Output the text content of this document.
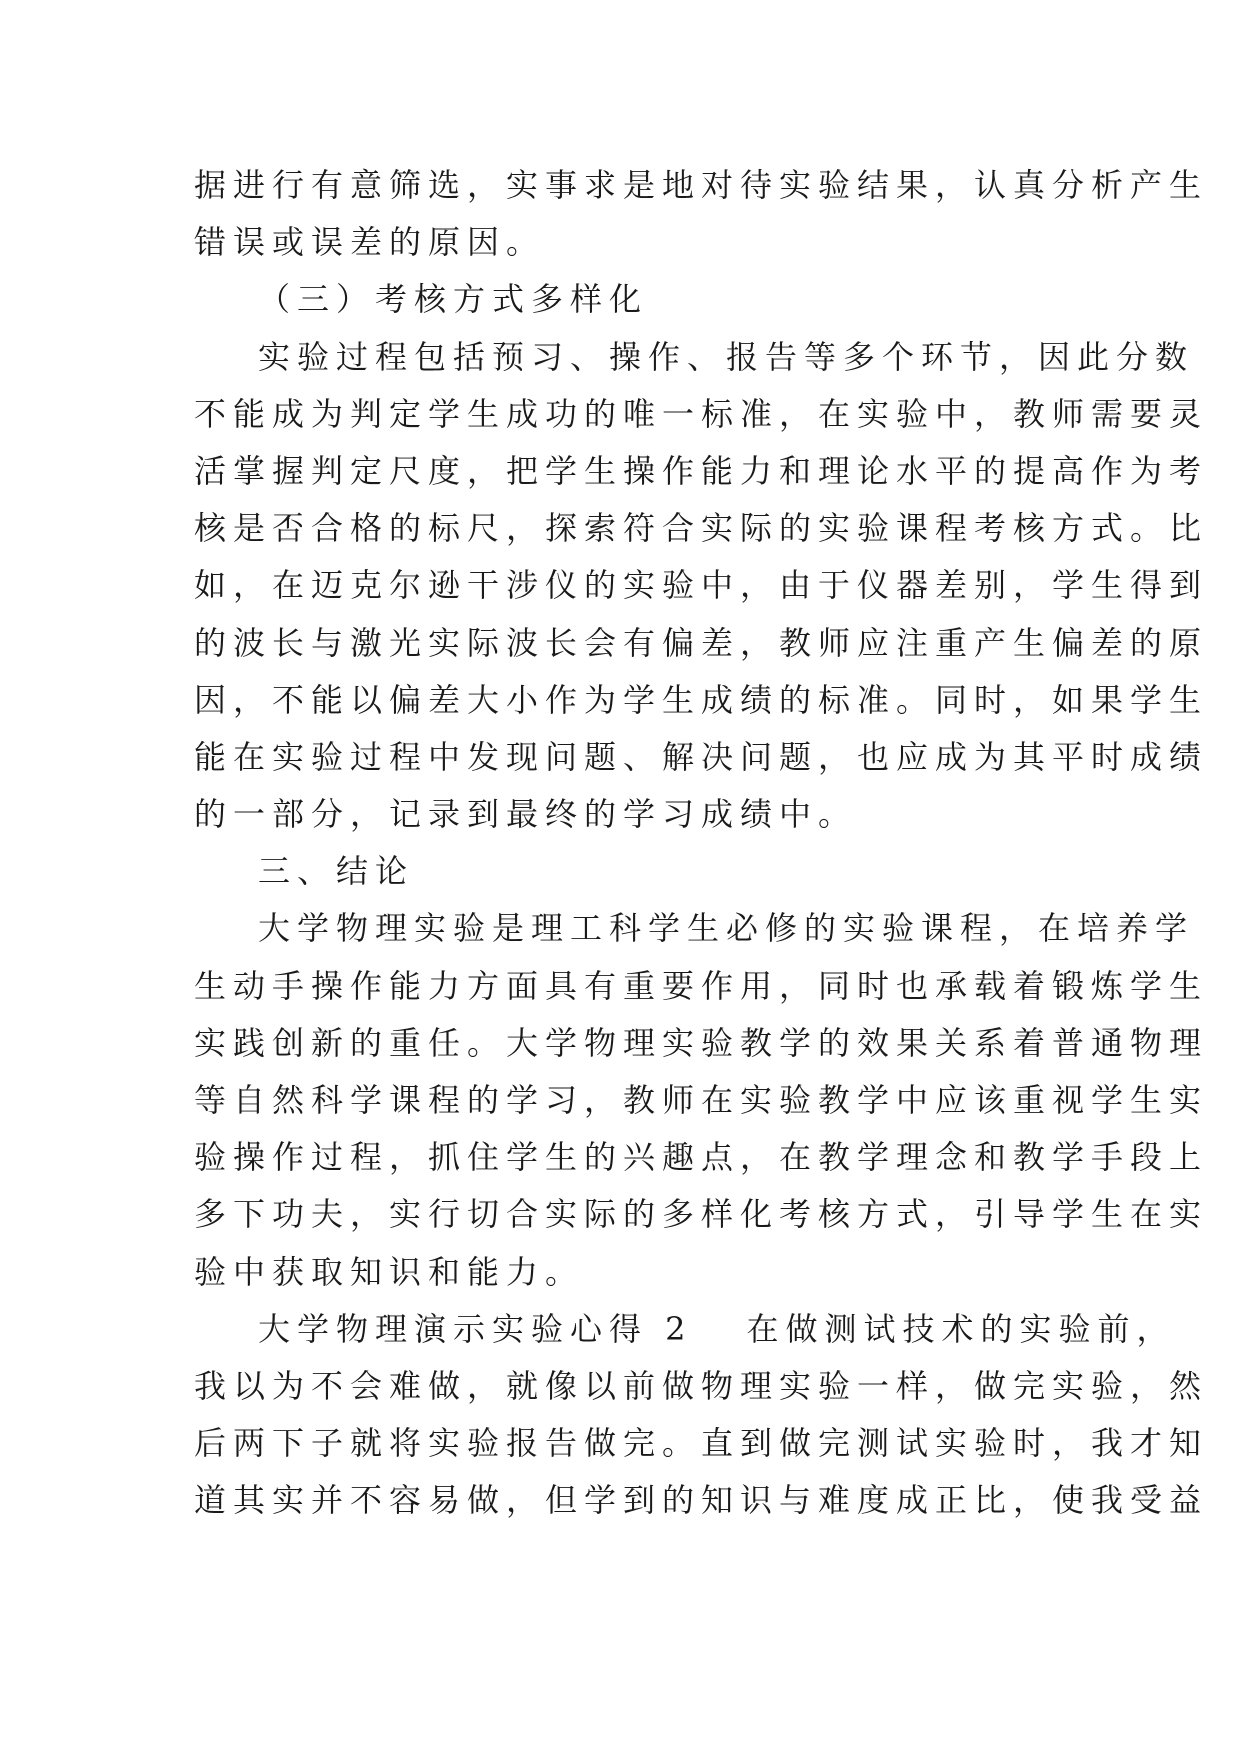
据进行有意筛选，实事求是地对待实验结果，认真分析产生
错误或误差的原因。
（三）考核方式多样化
实验过程包括预习、操作、报告等多个环节，因此分数
不能成为判定学生成功的唯一标准，在实验中，教师需要灵
活掌握判定尺度，把学生操作能力和理论水平的提高作为考
核是否合格的标尺，探索符合实际的实验课程考核方式。比
如，在迈克尔逊干涉仪的实验中，由于仪器差别，学生得到
的波长与激光实际波长会有偏差，教师应注重产生偏差的原
因，不能以偏差大小作为学生成绩的标准。同时，如果学生
能在实验过程中发现问题、解决问题，也应成为其平时成绩
的一部分，记录到最终的学习成绩中。
三、结论
大学物理实验是理工科学生必修的实验课程，在培养学
生动手操作能力方面具有重要作用，同时也承载着锻炼学生
实践创新的重任。大学物理实验教学的效果关系着普通物理
等自然科学课程的学习，教师在实验教学中应该重视学生实
验操作过程，抓住学生的兴趣点，在教学理念和教学手段上
多下功夫，实行切合实际的多样化考核方式，引导学生在实
验中获取知识和能力。
大学物理演示实验心得 2 在做测试技术的实验前，
我以为不会难做，就像以前做物理实验一样，做完实验，然
后两下子就将实验报告做完。直到做完测试实验时，我才知
道其实并不容易做，但学到的知识与难度成正比，使我受益
